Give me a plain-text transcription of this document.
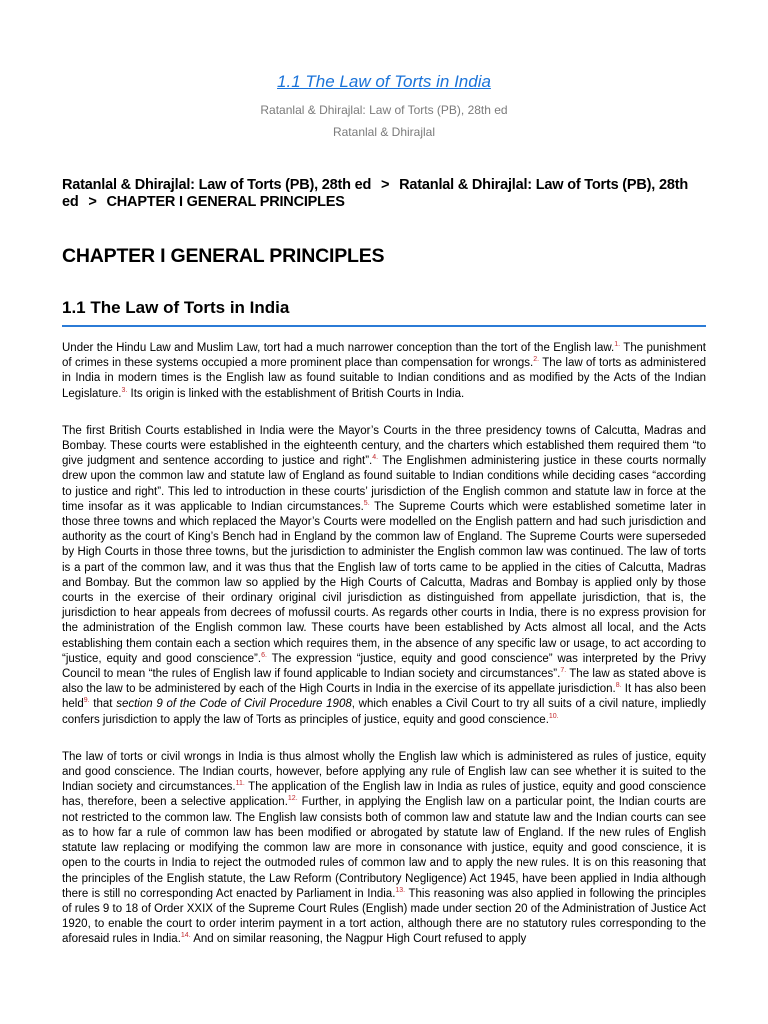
1.1 The Law of Torts in India
Ratanlal & Dhirajlal: Law of Torts (PB), 28th ed
Ratanlal & Dhirajlal
Ratanlal & Dhirajlal: Law of Torts (PB), 28th ed > Ratanlal & Dhirajlal: Law of Torts (PB), 28th ed > CHAPTER I GENERAL PRINCIPLES
CHAPTER I GENERAL PRINCIPLES
1.1 The Law of Torts in India

Under the Hindu Law and Muslim Law, tort had a much narrower conception than the tort of the English law.$^{1.}$ The punishment of crimes in these systems occupied a more prominent place than compensation for wrongs.$^{2.}$ The law of torts as administered in India in modern times is the English law as found suitable to Indian conditions and as modified by the Acts of the Indian Legislature.$^{3.}$ Its origin is linked with the establishment of British Courts in India.

The first British Courts established in India were the Mayor’s Courts in the three presidency towns of Calcutta, Madras and Bombay. These courts were established in the eighteenth century, and the charters which established them required them “to give judgment and sentence according to justice and right”.$^{4.}$ The Englishmen administering justice in these courts normally drew upon the common law and statute law of England as found suitable to Indian conditions while deciding cases “according to justice and right”. This led to introduction in these courts’ jurisdiction of the English common and statute law in force at the time insofar as it was applicable to Indian circumstances.$^{5.}$ The Supreme Courts which were established sometime later in those three towns and which replaced the Mayor’s Courts were modelled on the English pattern and had such jurisdiction and authority as the court of King’s Bench had in England by the common law of England. The Supreme Courts were superseded by High Courts in those three towns, but the jurisdiction to administer the English common law was continued. The law of torts is a part of the common law, and it was thus that the English law of torts came to be applied in the cities of Calcutta, Madras and Bombay. But the common law so applied by the High Courts of Calcutta, Madras and Bombay is applied only by those courts in the exercise of their ordinary original civil jurisdiction as distinguished from appellate jurisdiction, that is, the jurisdiction to hear appeals from decrees of mofussil courts. As regards other courts in India, there is no express provision for the administration of the English common law. These courts have been established by Acts almost all local, and the Acts establishing them contain each a section which requires them, in the absence of any specific law or usage, to act according to “justice, equity and good conscience”.$^{6.}$ The expression “justice, equity and good conscience” was interpreted by the Privy Council to mean “the rules of English law if found applicable to Indian society and circumstances”.$^{7.}$ The law as stated above is also the law to be administered by each of the High Courts in India in the exercise of its appellate jurisdiction.$^{8.}$ It has also been held$^{9.}$ that section 9 of the Code of Civil Procedure 1908, which enables a Civil Court to try all suits of a civil nature, impliedly confers jurisdiction to apply the law of Torts as principles of justice, equity and good conscience.$^{10.}$

The law of torts or civil wrongs in India is thus almost wholly the English law which is administered as rules of justice, equity and good conscience. The Indian courts, however, before applying any rule of English law can see whether it is suited to the Indian society and circumstances.$^{11.}$ The application of the English law in India as rules of justice, equity and good conscience has, therefore, been a selective application.$^{12.}$ Further, in applying the English law on a particular point, the Indian courts are not restricted to the common law. The English law consists both of common law and statute law and the Indian courts can see as to how far a rule of common law has been modified or abrogated by statute law of England. If the new rules of English statute law replacing or modifying the common law are more in consonance with justice, equity and good conscience, it is open to the courts in India to reject the outmoded rules of common law and to apply the new rules. It is on this reasoning that the principles of the English statute, the Law Reform (Contributory Negligence) Act 1945, have been applied in India although there is still no corresponding Act enacted by Parliament in India.$^{13.}$ This reasoning was also applied in following the principles of rules 9 to 18 of Order XXIX of the Supreme Court Rules (English) made under section 20 of the Administration of Justice Act 1920, to enable the court to order interim payment in a tort action, although there are no statutory rules corresponding to the aforesaid rules in India.$^{14.}$ And on similar reasoning, the Nagpur High Court refused to apply
